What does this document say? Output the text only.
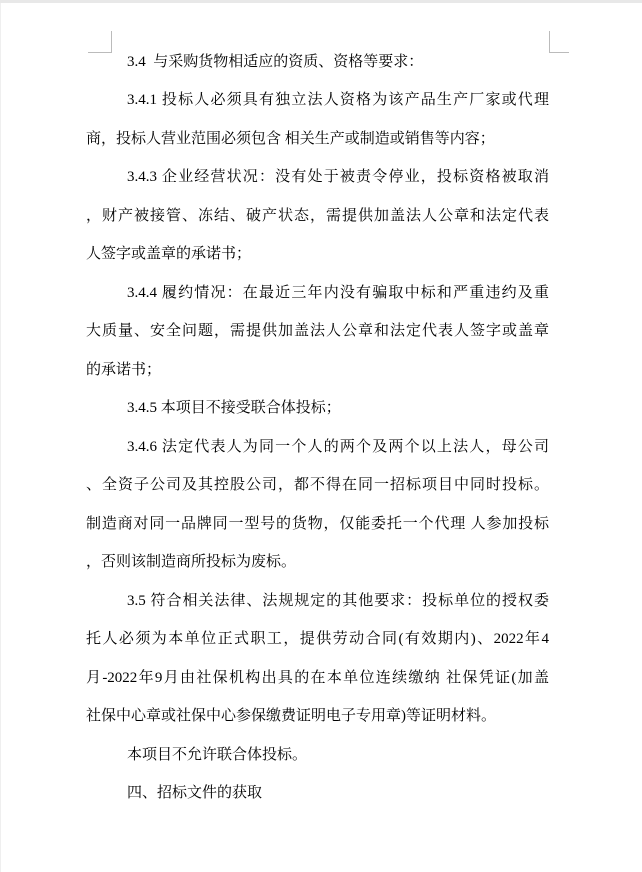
3.4  与采购货物相适应的资质、资格等要求：
3.4.1 投标人必须具有独立法人资格为该产品生产厂家或代理
商，投标人营业范围必须包含 相关生产或制造或销售等内容；
3.4.3 企业经营状况：没有处于被责令停业，投标资格被取消
，财产被接管、冻结、破产状态，需提供加盖法人公章和法定代表
人签字或盖章的承诺书；
3.4.4 履约情况：在最近三年内没有骗取中标和严重违约及重
大质量、安全问题，需提供加盖法人公章和法定代表人签字或盖章
的承诺书；
3.4.5 本项目不接受联合体投标；
3.4.6 法定代表人为同一个人的两个及两个以上法人，母公司
、全资子公司及其控股公司，都不得在同一招标项目中同时投标。
制造商对同一品牌同一型号的货物，仅能委托一个代理 人参加投标
，否则该制造商所投标为废标。
3.5 符合相关法律、法规规定的其他要求：投标单位的授权委
托人必须为本单位正式职工，提供劳动合同(有效期内)、2022年4
月-2022年9月由社保机构出具的在本单位连续缴纳 社保凭证(加盖
社保中心章或社保中心参保缴费证明电子专用章)等证明材料。
本项目不允许联合体投标。
四、招标文件的获取
